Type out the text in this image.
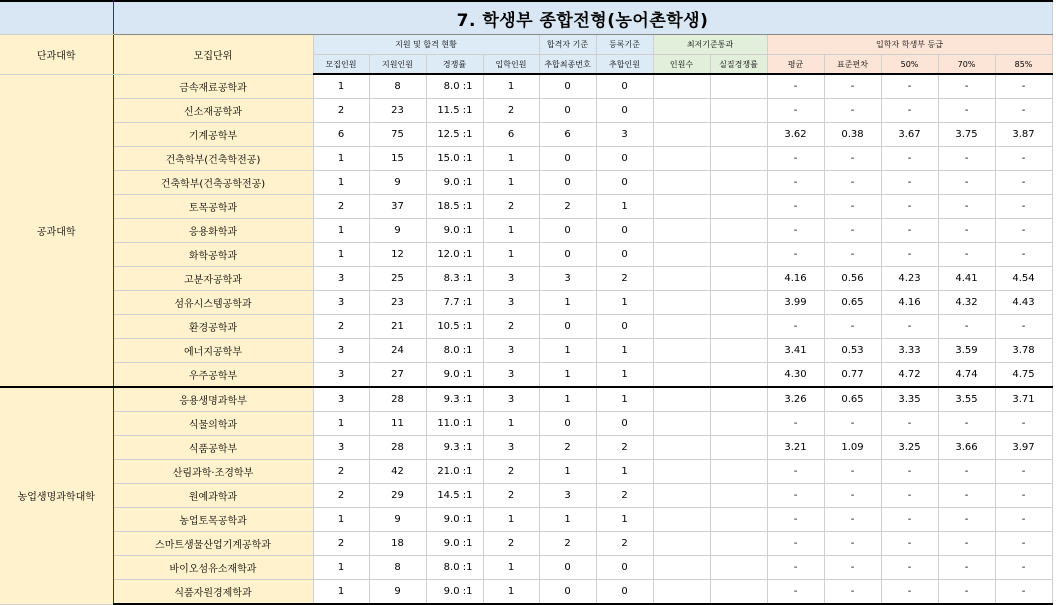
	7. 학생부 종합전형(농어촌학생)													
단과대학	모집단위	지원 및 합격 현황				합격자 기준	등록기준	최저기준통과		입학자 학생부 등급				
		모집인원	지원인원	경쟁률	입학인원	추합최종번호	추합인원	인원수	실질경쟁률	평균	표준편차	50%	70%	85%
공과대학	금속재료공학과	1	8	8.0 :1	1	0	0			-	-	-	-	-
	신소재공학과	2	23	11.5 :1	2	0	0			-	-	-	-	-
	기계공학부	6	75	12.5 :1	6	6	3			3.62	0.38	3.67	3.75	3.87
	건축학부(건축학전공)	1	15	15.0 :1	1	0	0			-	-	-	-	-
	건축학부(건축공학전공)	1	9	9.0 :1	1	0	0			-	-	-	-	-
	토목공학과	2	37	18.5 :1	2	2	1			-	-	-	-	-
	응용화학과	1	9	9.0 :1	1	0	0			-	-	-	-	-
	화학공학과	1	12	12.0 :1	1	0	0			-	-	-	-	-
	고분자공학과	3	25	8.3 :1	3	3	2			4.16	0.56	4.23	4.41	4.54
	섬유시스템공학과	3	23	7.7 :1	3	1	1			3.99	0.65	4.16	4.32	4.43
	환경공학과	2	21	10.5 :1	2	0	0			-	-	-	-	-
	에너지공학부	3	24	8.0 :1	3	1	1			3.41	0.53	3.33	3.59	3.78
	우주공학부	3	27	9.0 :1	3	1	1			4.30	0.77	4.72	4.74	4.75
농업생명과학대학	응용생명과학부	3	28	9.3 :1	3	1	1			3.26	0.65	3.35	3.55	3.71
	식물의학과	1	11	11.0 :1	1	0	0			-	-	-	-	-
	식품공학부	3	28	9.3 :1	3	2	2			3.21	1.09	3.25	3.66	3.97
	산림과학·조경학부	2	42	21.0 :1	2	1	1			-	-	-	-	-
	원예과학과	2	29	14.5 :1	2	3	2			-	-	-	-	-
	농업토목공학과	1	9	9.0 :1	1	1	1			-	-	-	-	-
	스마트생물산업기계공학과	2	18	9.0 :1	2	2	2			-	-	-	-	-
	바이오섬유소재학과	1	8	8.0 :1	1	0	0			-	-	-	-	-
	식품자원경제학과	1	9	9.0 :1	1	0	0			-	-	-	-	-
